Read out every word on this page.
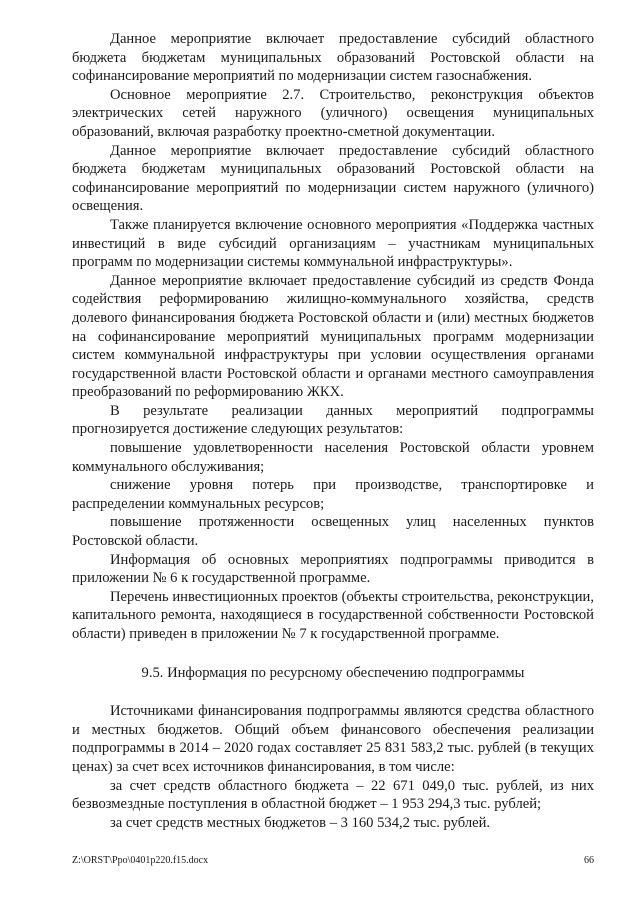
Данное мероприятие включает предоставление субсидий областного бюджета бюджетам муниципальных образований Ростовской области на софинансирование мероприятий по модернизации систем газоснабжения.

Основное мероприятие 2.7. Строительство, реконструкция объектов электрических сетей наружного (уличного) освещения муниципальных образований, включая разработку проектно-сметной документации.

Данное мероприятие включает предоставление субсидий областного бюджета бюджетам муниципальных образований Ростовской области на софинансирование мероприятий по модернизации систем наружного (уличного) освещения.

Также планируется включение основного мероприятия «Поддержка частных инвестиций в виде субсидий организациям – участникам муниципальных программ по модернизации системы коммунальной инфраструктуры».

Данное мероприятие включает предоставление субсидий из средств Фонда содействия реформированию жилищно-коммунального хозяйства, средств долевого финансирования бюджета Ростовской области и (или) местных бюджетов на софинансирование мероприятий муниципальных программ модернизации систем коммунальной инфраструктуры при условии осуществления органами государственной власти Ростовской области и органами местного самоуправления преобразований по реформированию ЖКХ.

В результате реализации данных мероприятий подпрограммы прогнозируется достижение следующих результатов:

повышение удовлетворенности населения Ростовской области уровнем коммунального обслуживания;

снижение уровня потерь при производстве, транспортировке и распределении коммунальных ресурсов;

повышение протяженности освещенных улиц населенных пунктов Ростовской области.

Информация об основных мероприятиях подпрограммы приводится в приложении № 6 к государственной программе.

Перечень инвестиционных проектов (объекты строительства, реконструкции, капитального ремонта, находящиеся в государственной собственности Ростовской области) приведен в приложении № 7 к государственной программе.

9.5. Информация по ресурсному обеспечению подпрограммы

Источниками финансирования подпрограммы являются средства областного и местных бюджетов. Общий объем финансового обеспечения реализации подпрограммы в 2014 – 2020 годах составляет 25 831 583,2 тыс. рублей (в текущих ценах) за счет всех источников финансирования, в том числе:

за счет средств областного бюджета – 22 671 049,0 тыс. рублей, из них безвозмездные поступления в областной бюджет – 1 953 294,3 тыс. рублей;

за счет средств местных бюджетов – 3 160 534,2 тыс. рублей.

Z:\ORST\Ppo\0401p220.f15.docx	66
